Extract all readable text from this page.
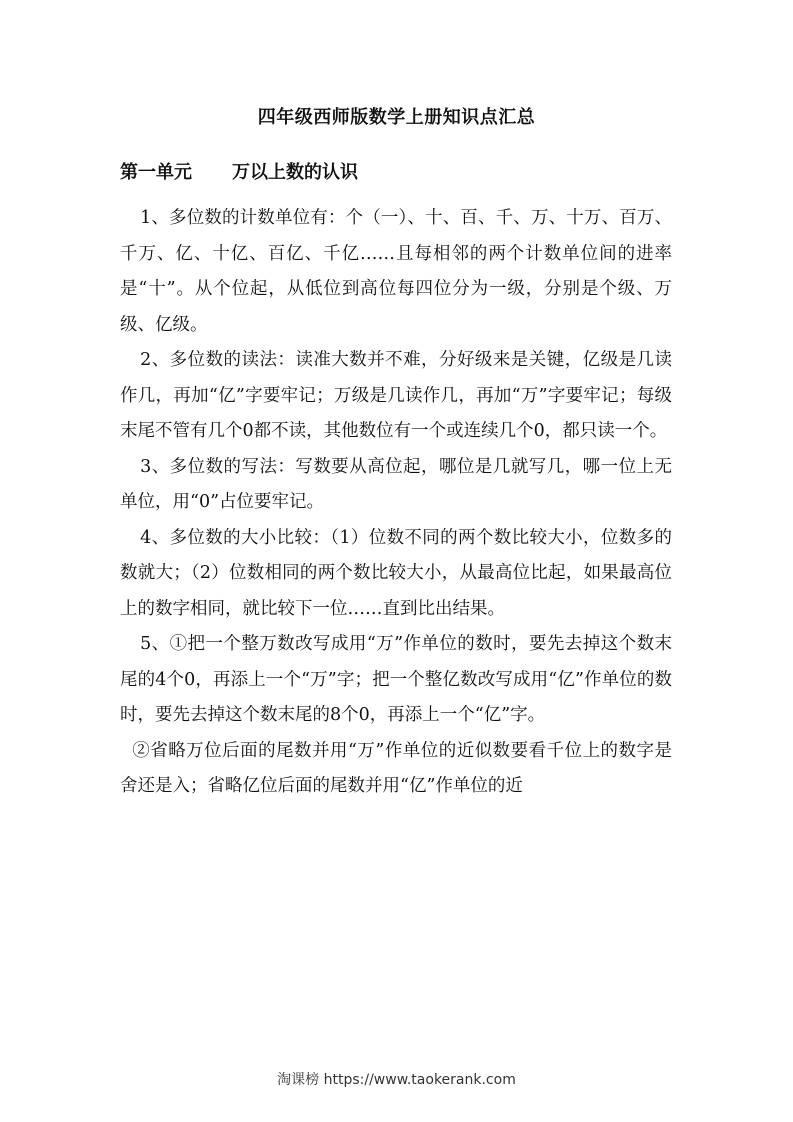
四年级西师版数学上册知识点汇总
第一单元 万以上数的认识

1、多位数的计数单位有：个（一）、十、百、千、万、十万、百万、千万、亿、十亿、百亿、千亿……且每相邻的两个计数单位间的进率是“十”。从个位起，从低位到高位每四位分为一级，分别是个级、万级、亿级。

2、多位数的读法：读准大数并不难，分好级来是关键，亿级是几读作几，再加“亿”字要牢记；万级是几读作几，再加“万”字要牢记；每级末尾不管有几个0都不读，其他数位有一个或连续几个0，都只读一个。

3、多位数的写法：写数要从高位起，哪位是几就写几，哪一位上无单位，用“0”占位要牢记。

4、多位数的大小比较：（1）位数不同的两个数比较大小，位数多的数就大；（2）位数相同的两个数比较大小，从最高位比起，如果最高位上的数字相同，就比较下一位……直到比出结果。

5、①把一个整万数改写成用“万”作单位的数时，要先去掉这个数末尾的4个0，再添上一个“万”字；把一个整亿数改写成用“亿”作单位的数时，要先去掉这个数末尾的8个0，再添上一个“亿”字。

②省略万位后面的尾数并用“万”作单位的近似数要看千位上的数字是舍还是入；省略亿位后面的尾数并用“亿”作单位的近

淘课榜 https://www.taokerank.com
